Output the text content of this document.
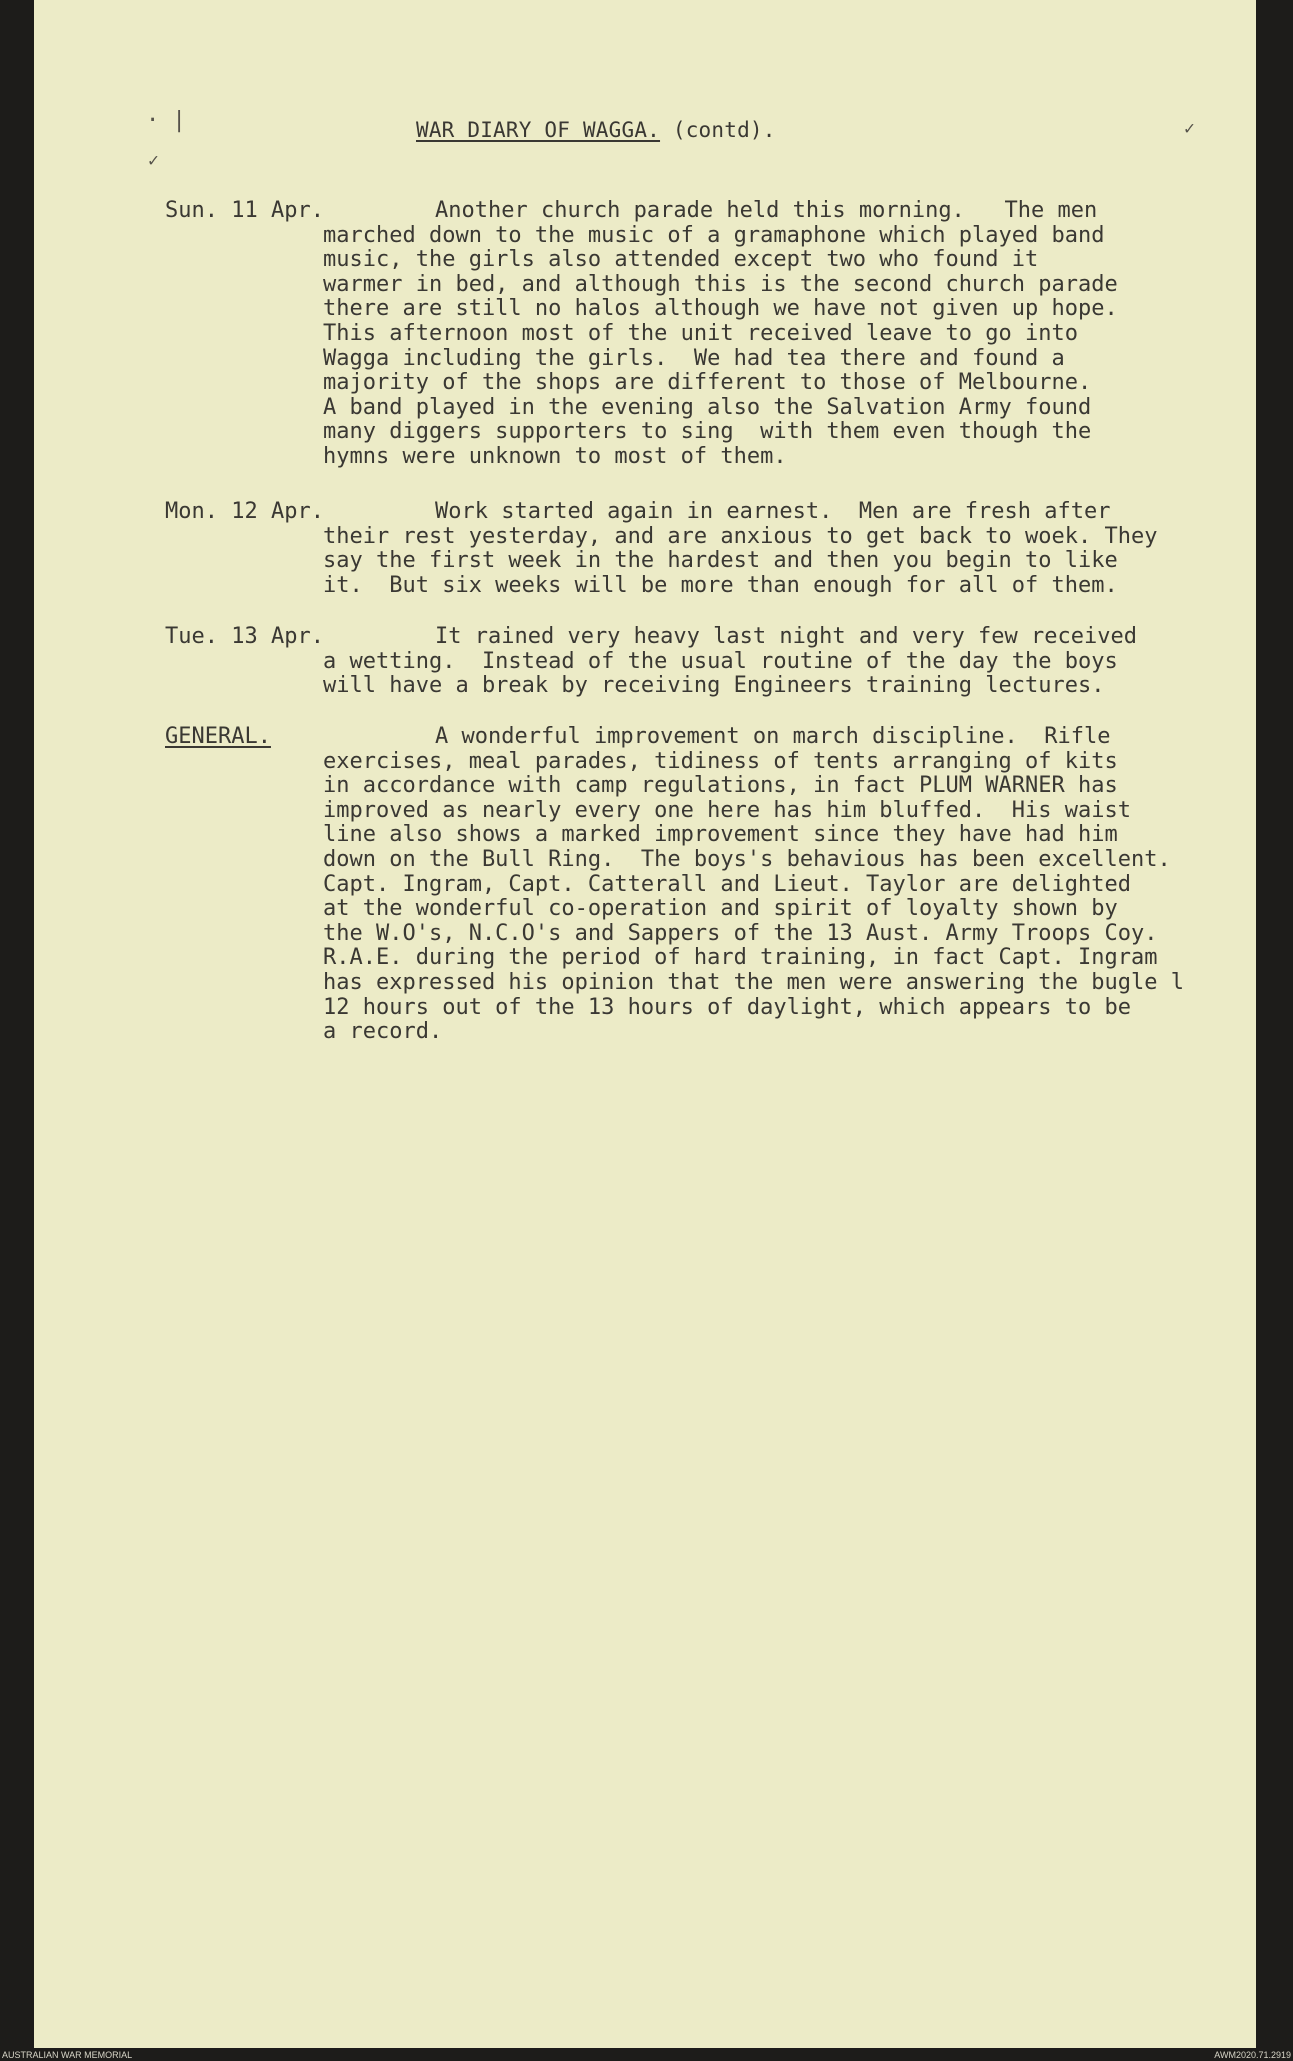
WAR DIARY OF WAGGA. (contd).
· |
✓
✓
Sun. 11 Apr.	Another church parade held this morning.   The men
marched down to the music of a gramaphone which played band
music, the girls also attended except two who found it
warmer in bed, and although this is the second church parade
there are still no halos although we have not given up hope.
This afternoon most of the unit received leave to go into
Wagga including the girls.  We had tea there and found a
majority of the shops are different to those of Melbourne.
A band played in the evening also the Salvation Army found
many diggers supporters to sing  with them even though the
hymns were unknown to most of them.
Mon. 12 Apr.	Work started again in earnest.  Men are fresh after
their rest yesterday, and are anxious to get back to woek. They
say the first week in the hardest and then you begin to like
it.  But six weeks will be more than enough for all of them.
Tue. 13 Apr.	It rained very heavy last night and very few received
a wetting.  Instead of the usual routine of the day the boys
will have a break by receiving Engineers training lectures.
GENERAL.	A wonderful improvement on march discipline.  Rifle
exercises, meal parades, tidiness of tents arranging of kits
in accordance with camp regulations, in fact PLUM WARNER has
improved as nearly every one here has him bluffed.  His waist
line also shows a marked improvement since they have had him
down on the Bull Ring.  The boys's behavious has been excellent.
Capt. Ingram, Capt. Catterall and Lieut. Taylor are delighted
at the wonderful co-operation and spirit of loyalty shown by
the W.O's, N.C.O's and Sappers of the 13 Aust. Army Troops Coy.
R.A.E. during the period of hard training, in fact Capt. Ingram
has expressed his opinion that the men were answering the bugle l
12 hours out of the 13 hours of daylight, which appears to be
a record.
AUSTRALIAN WAR MEMORIAL	AWM2020.71.2919
